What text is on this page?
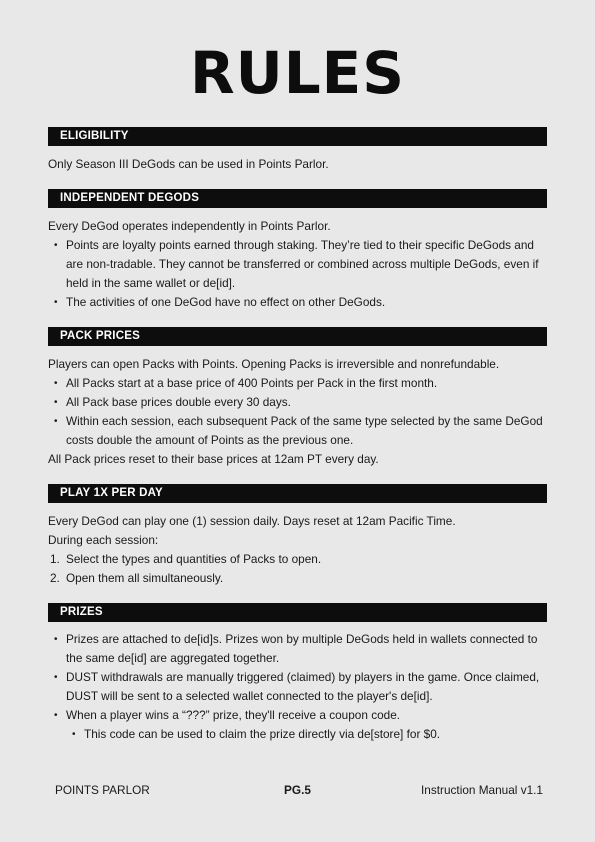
RULES
ELIGIBILITY

Only Season III DeGods can be used in Points Parlor.

INDEPENDENT DEGODS

Every DeGod operates independently in Points Parlor.

• Points are loyalty points earned through staking. They’re tied to their specific DeGods and are non-tradable. They cannot be transferred or combined across multiple DeGods, even if held in the same wallet or de[id].
• The activities of one DeGod have no effect on other DeGods.
PACK PRICES

Players can open Packs with Points. Opening Packs is irreversible and nonrefundable.

• All Packs start at a base price of 400 Points per Pack in the first month.
• All Pack base prices double every 30 days.
• Within each session, each subsequent Pack of the same type selected by the same DeGod costs double the amount of Points as the previous one.

All Pack prices reset to their base prices at 12am PT every day.

PLAY 1X PER DAY

Every DeGod can play one (1) session daily. Days reset at 12am Pacific Time.

During each session:

1. Select the types and quantities of Packs to open.
2. Open them all simultaneously.
PRIZES
• Prizes are attached to de[id]s. Prizes won by multiple DeGods held in wallets connected to the same de[id] are aggregated together.
• DUST withdrawals are manually triggered (claimed) by players in the game. Once claimed, DUST will be sent to a selected wallet connected to the player's de[id].
• When a player wins a “???” prize, they'll receive a coupon code.
• This code can be used to claim the prize directly via de[store] for $0.
POINTS PARLOR	PG.5	Instruction Manual v1.1
